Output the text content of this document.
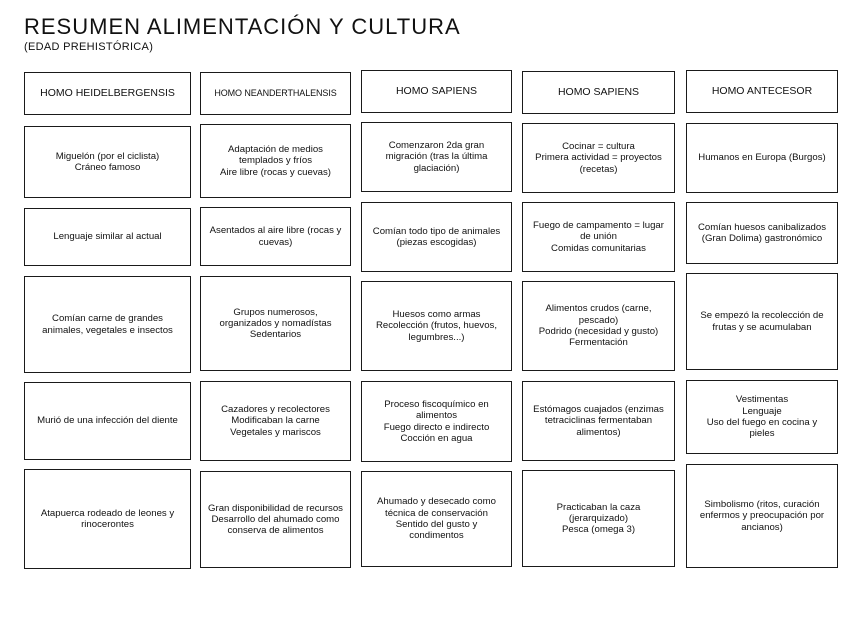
RESUMEN ALIMENTACIÓN Y CULTURA
(EDAD PREHISTÓRICA)
HOMO HEIDELBERGENSIS
Miguelón (por el ciclista)
Cráneo famoso
Lenguaje similar al actual
Comían carne de grandes animales, vegetales e insectos
Murió de una infección del diente
Atapuerca rodeado de leones y rinocerontes
HOMO NEANDERTHALENSIS
Adaptación de medios templados y fríos
Aire libre (rocas y cuevas)
Asentados al aire libre (rocas y cuevas)
Grupos numerosos, organizados y nomadístas
Sedentarios
Cazadores y recolectores
Modificaban la carne
Vegetales y mariscos
Gran disponibilidad de recursos
Desarrollo del ahumado como conserva de alimentos
HOMO SAPIENS
Comenzaron 2da gran migración (tras la última glaciación)
Comían todo tipo de animales (piezas escogidas)
Huesos como armas
Recolección (frutos, huevos, legumbres...)
Proceso fiscoquímico en alimentos
Fuego directo e indirecto
Cocción en agua
Ahumado y desecado como técnica de conservación
Sentido del gusto y condimentos
HOMO SAPIENS
Cocinar = cultura
Primera actividad = proyectos (recetas)
Fuego de campamento = lugar de unión
Comidas comunitarias
Alimentos crudos (carne, pescado)
Podrido (necesidad y gusto)
Fermentación
Estómagos cuajados (enzimas tetraciclinas fermentaban alimentos)
Practicaban la caza (jerarquizado)
Pesca (omega 3)
HOMO ANTECESOR
Humanos en Europa (Burgos)
Comían huesos canibalizados (Gran Dolima) gastronómico
Se empezó la recolección de frutas y se acumulaban
Vestimentas
Lenguaje
Uso del fuego en cocina y pieles
Simbolismo (ritos, curación enfermos y preocupación por ancianos)
